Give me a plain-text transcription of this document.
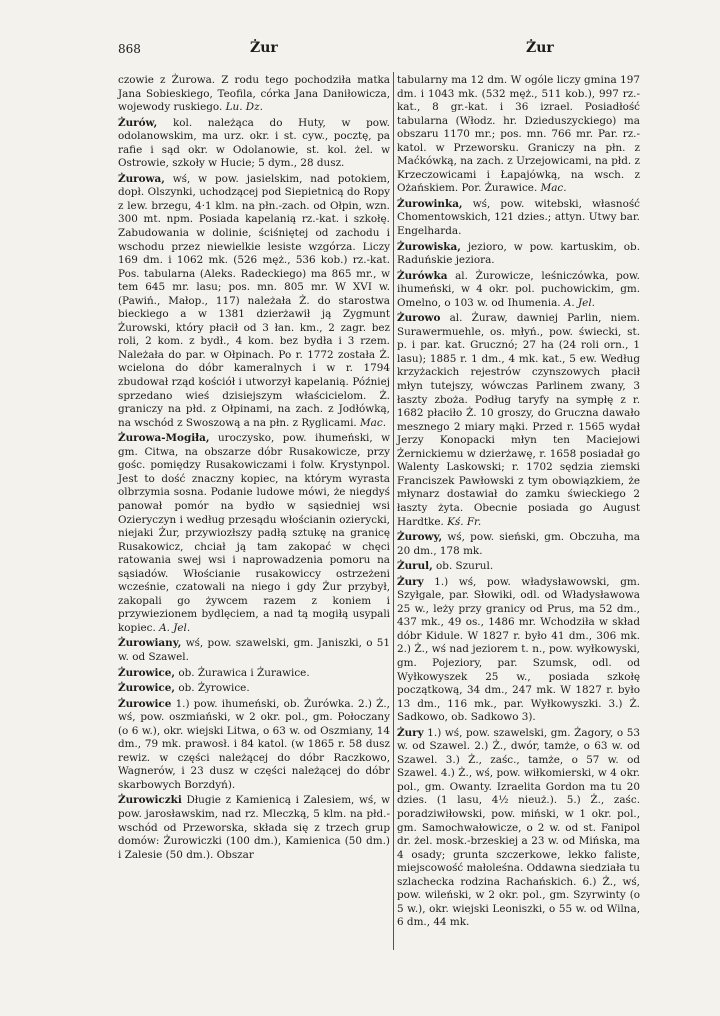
868	Żur	Żur

czowie z Żurowa. Z rodu tego pochodziła matka Jana Sobieskiego, Teofila, córka Jana Daniłowicza, wojewody ruskiego. Lu. Dz.

Żurów, kol. należąca do Huty, w pow. odolanowskim, ma urz. okr. i st. cyw., pocztę, pa rafie i sąd okr. w Odolanowie, st. kol. żel. w Ostrowie, szkoły w Hucie; 5 dym., 28 dusz.

Żurowa, wś, w pow. jasielskim, nad potokiem, dopł. Olszynki, uchodzącej pod Siepietnicą do Ropy z lew. brzegu, 4·1 klm. na płn.-zach. od Ołpin, wzn. 300 mt. npm. Posiada kapelanią rz.-kat. i szkołę. Zabudowania w dolinie, ściśniętej od zachodu i wschodu przez niewielkie lesiste wzgórza. Liczy 169 dm. i 1062 mk. (526 męż., 536 kob.) rz.-kat. Pos. tabularna (Aleks. Radeckiego) ma 865 mr., w tem 645 mr. lasu; pos. mn. 805 mr. W XVI w. (Pawiń., Małop., 117) należała Ż. do starostwa bieckiego a w 1381 dzierżawił ją Zygmunt Żurowski, który płacił od 3 łan. km., 2 zagr. bez roli, 2 kom. z bydł., 4 kom. bez bydła i 3 rzem. Należała do par. w Ołpinach. Po r. 1772 została Ż. wcielona do dóbr kameralnych i w r. 1794 zbudował rząd kościół i utworzył kapelanią. Później sprzedano wieś dzisiejszym właścicielom. Ż. graniczy na płd. z Ołpinami, na zach. z Jodłówką, na wschód z Swoszową a na płn. z Ryglicami. Mac.

Żurowa-Mogiła, uroczysko, pow. ihumeński, w gm. Citwa, na obszarze dóbr Rusakowicze, przy gośc. pomiędzy Rusakowiczami i folw. Krystynpol. Jest to dość znaczny kopiec, na którym wyrasta olbrzymia sosna. Podanie ludowe mówi, że niegdyś panował pomór na bydło w sąsiedniej wsi Ozieryczyn i według przesądu włościanin ozierycki, niejaki Żur, przywiozłszy padłą sztukę na granicę Rusakowicz, chciał ją tam zakopać w chęci ratowania swej wsi i naprowadzenia pomoru na sąsiadów. Włościanie rusakowiccy ostrzeżeni wcześnie, czatowali na niego i gdy Żur przybył, zakopali go żywcem razem z koniem i przywiezionem bydlęciem, a nad tą mogiłą usypali kopiec. A. Jel.

Żurowiany, wś, pow. szawelski, gm. Janiszki, o 51 w. od Szawel.

Żurowice, ob. Żurawica i Żurawice.

Żurowice, ob. Żyrowice.

Żurowice 1.) pow. ihumeński, ob. Żurówka. 2.) Ż., wś, pow. oszmiański, w 2 okr. pol., gm. Połoczany (o 6 w.), okr. wiejski Litwa, o 63 w. od Oszmiany, 14 dm., 79 mk. prawosł. i 84 katol. (w 1865 r. 58 dusz rewiz. w części należącej do dóbr Raczkowo, Wagnerów, i 23 dusz w części należącej do dóbr skarbowych Borzdyń).

Żurowiczki Długie z Kamienicą i Zalesiem, wś, w pow. jarosławskim, nad rz. Mleczką, 5 klm. na płd.-wschód od Przeworska, składa się z trzech grup domów: Żurowiczki (100 dm.), Kamienica (50 dm.) i Zalesie (50 dm.). Obszar

tabularny ma 12 dm. W ogóle liczy gmina 197 dm. i 1043 mk. (532 męż., 511 kob.), 997 rz.-kat., 8 gr.-kat. i 36 izrael. Posiadłość tabularna (Włodz. hr. Dzieduszyckiego) ma obszaru 1170 mr.; pos. mn. 766 mr. Par. rz.-katol. w Przeworsku. Graniczy na płn. z Maćkówką, na zach. z Urzejowicami, na płd. z Krzeczowicami i Łapajówką, na wsch. z Ożańskiem. Por. Żurawice. Mac.

Żurowinka, wś, pow. witebski, własność Chomentowskich, 121 dzies.; attyn. Utwy bar. Engelharda.

Żurowiska, jezioro, w pow. kartuskim, ob. Raduńskie jeziora.

Żurówka al. Żurowicze, leśniczówka, pow. ihumeński, w 4 okr. pol. puchowickim, gm. Omelno, o 103 w. od Ihumenia. A. Jel.

Żurowo al. Żuraw, dawniej Parlin, niem. Surawermuehle, os. młyń., pow. świecki, st. p. i par. kat. Grucznó; 27 ha (24 roli orn., 1 lasu); 1885 r. 1 dm., 4 mk. kat., 5 ew. Według krzyżackich rejestrów czynszowych płacił młyn tutejszy, wówczas Parlinem zwany, 3 łaszty zboża. Podług taryfy na sympłę z r. 1682 płaciło Ż. 10 groszy, do Gruczna dawało mesznego 2 miary mąki. Przed r. 1565 wydał Jerzy Konopacki młyn ten Maciejowi Żernickiemu w dzierżawę, r. 1658 posiadał go Walenty Laskowski; r. 1702 sędzia ziemski Franciszek Pawłowski z tym obowiązkiem, że młynarz dostawiał do zamku świeckiego 2 łaszty żyta. Obecnie posiada go August Hardtke. Kś. Fr.

Żurowy, wś, pow. sieński, gm. Obczuha, ma 20 dm., 178 mk.

Żurul, ob. Szurul.

Żury 1.) wś, pow. władysławowski, gm. Szyłgale, par. Słowiki, odl. od Władysławowa 25 w., leży przy granicy od Prus, ma 52 dm., 437 mk., 49 os., 1486 mr. Wchodziła w skład dóbr Kidule. W 1827 r. było 41 dm., 306 mk. 2.) Ż., wś nad jeziorem t. n., pow. wyłkowyski, gm. Pojeziory, par. Szumsk, odl. od Wyłkowyszek 25 w., posiada szkołę początkową, 34 dm., 247 mk. W 1827 r. było 13 dm., 116 mk., par. Wyłkowyszki. 3.) Ż. Sadkowo, ob. Sadkowo 3).

Żury 1.) wś, pow. szawelski, gm. Żagory, o 53 w. od Szawel. 2.) Ż., dwór, tamże, o 63 w. od Szawel. 3.) Ż., zaśc., tamże, o 57 w. od Szawel. 4.) Ż., wś, pow. wiłkomierski, w 4 okr. pol., gm. Owanty. Izraelita Gordon ma tu 20 dzies. (1 lasu, 4½ nieuż.). 5.) Ż., zaśc. poradziwiłowski, pow. miński, w 1 okr. pol., gm. Samochwałowicze, o 2 w. od st. Fanipol dr. żel. mosk.-brzeskiej a 23 w. od Mińska, ma 4 osady; grunta szczerkowe, lekko faliste, miejscowość małoleśna. Oddawna siedziała tu szlachecka rodzina Rachańskich. 6.) Ż., wś, pow. wileński, w 2 okr. pol., gm. Szyrwinty (o 5 w.), okr. wiejski Leoniszki, o 55 w. od Wilna, 6 dm., 44 mk.
